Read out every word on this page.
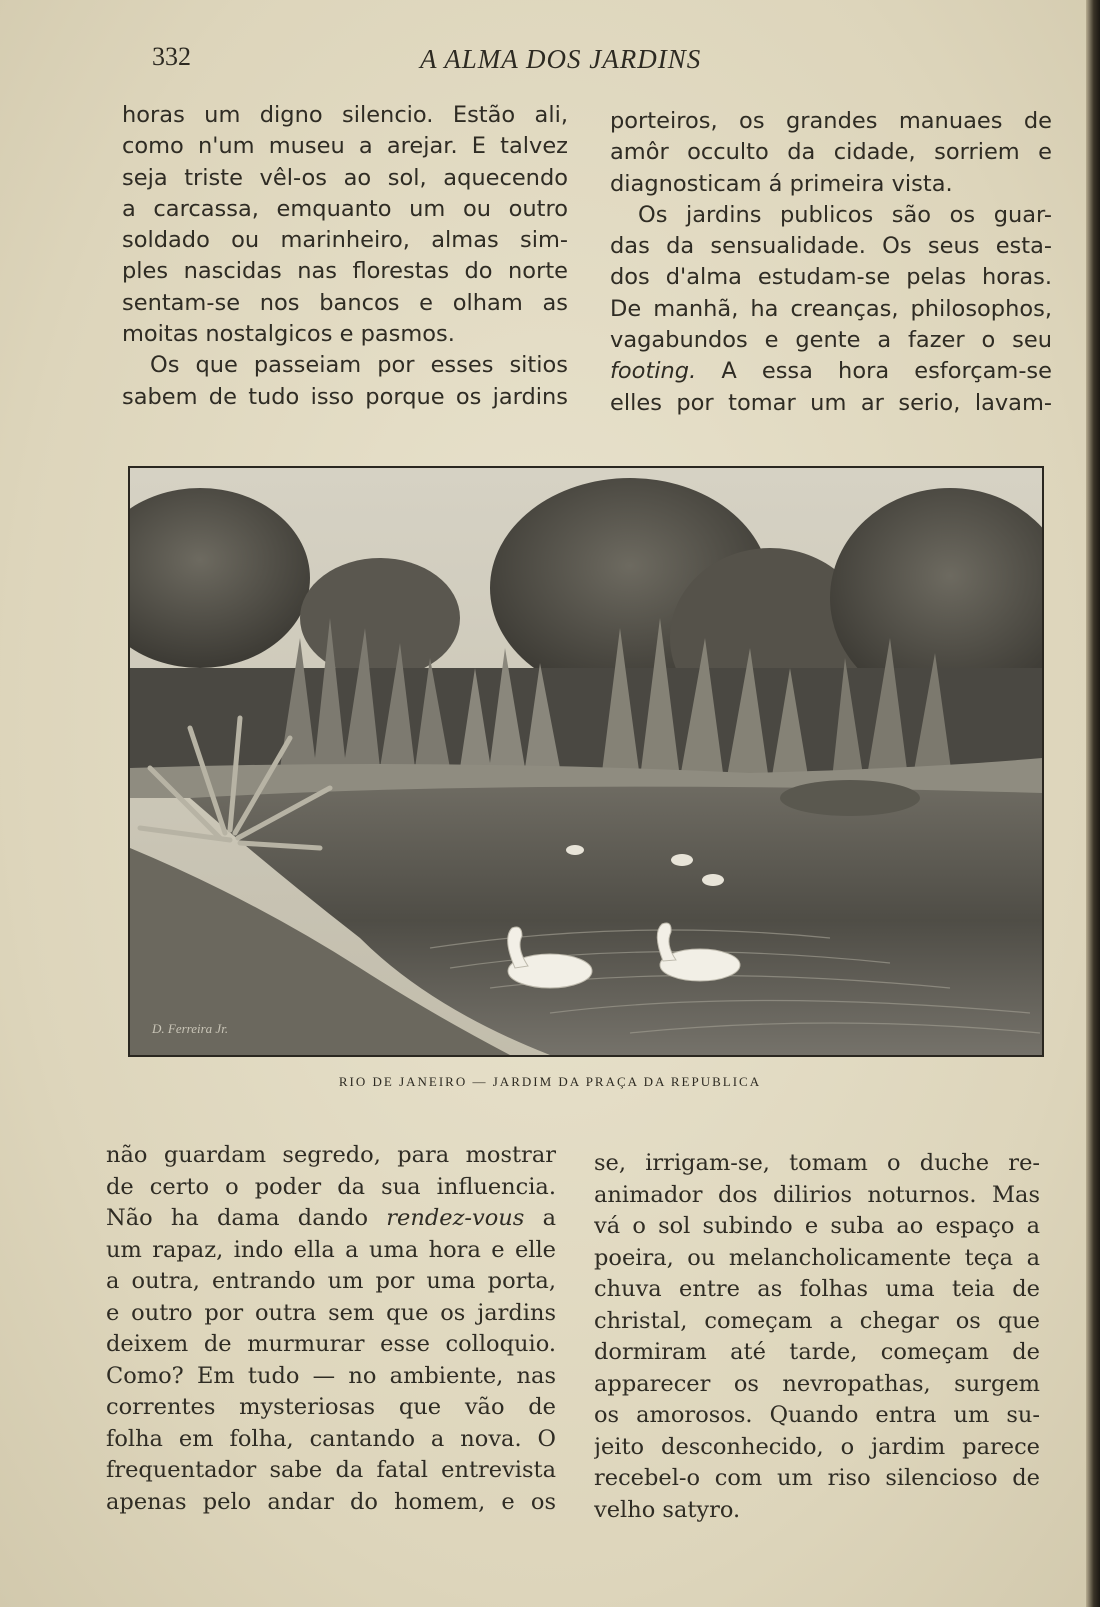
332	A ALMA DOS JARDINS
horas um digno silencio. Estão ali,
como n'um museu a arejar. E talvez
seja triste vêl-os ao sol, aquecendo
a carcassa, emquanto um ou outro
soldado ou marinheiro, almas sim-
ples nascidas nas florestas do norte
sentam-se nos bancos e olham as
moitas nostalgicos e pasmos.
Os que passeiam por esses sitios
sabem de tudo isso porque os jardins
porteiros, os grandes manuaes de
amôr occulto da cidade, sorriem e
diagnosticam á primeira vista.
Os jardins publicos são os guar-
das da sensualidade. Os seus esta-
dos d'alma estudam-se pelas horas.
De manhã, ha creanças, philosophos,
vagabundos e gente a fazer o seu
footing. A essa hora esforçam-se
elles por tomar um ar serio, lavam-
D. Ferreira Jr.
RIO DE JANEIRO — JARDIM DA PRAÇA DA REPUBLICA
não guardam segredo, para mostrar
de certo o poder da sua influencia.
Não ha dama dando rendez-vous a
um rapaz, indo ella a uma hora e elle
a outra, entrando um por uma porta,
e outro por outra sem que os jardins
deixem de murmurar esse colloquio.
Como? Em tudo — no ambiente, nas
correntes mysteriosas que vão de
folha em folha, cantando a nova. O
frequentador sabe da fatal entrevista
apenas pelo andar do homem, e os
se, irrigam-se, tomam o duche re-
animador dos dilirios noturnos. Mas
vá o sol subindo e suba ao espaço a
poeira, ou melancholicamente teça a
chuva entre as folhas uma teia de
christal, começam a chegar os que
dormiram até tarde, começam de
apparecer os nevropathas, surgem
os amorosos. Quando entra um su-
jeito desconhecido, o jardim parece
recebel-o com um riso silencioso de
velho satyro.
